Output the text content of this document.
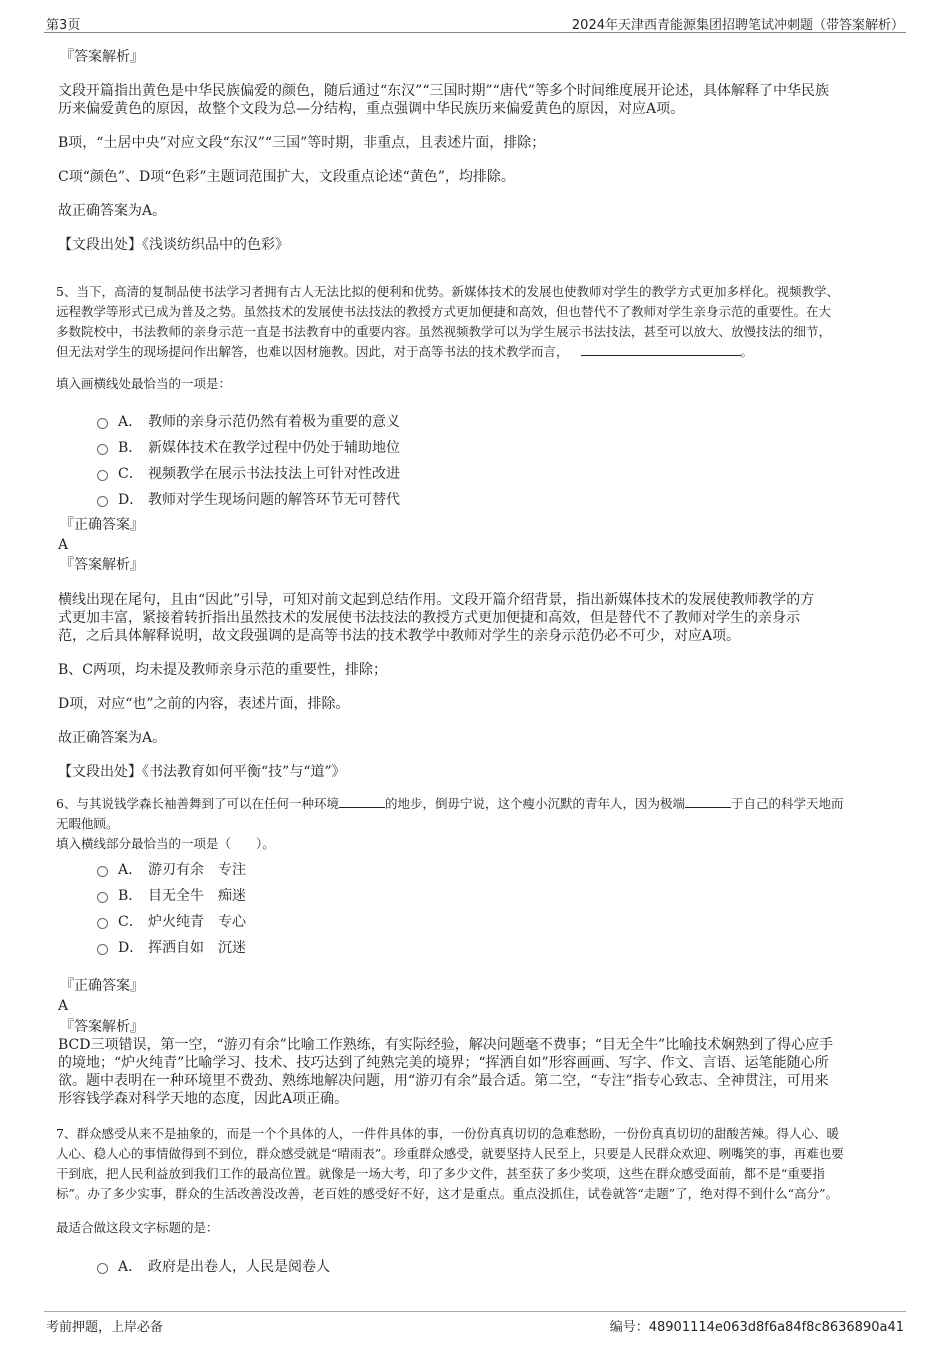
第3页	2024年天津西青能源集团招聘笔试冲刺题（带答案解析）
『答案解析』
文段开篇指出黄色是中华民族偏爱的颜色，随后通过“东汉”“三国时期”“唐代”等多个时间维度展开论述，具体解释了中华民族
历来偏爱黄色的原因，故整个文段为总—分结构，重点强调中华民族历来偏爱黄色的原因，对应A项。
B项，“土居中央”对应文段“东汉”“三国”等时期，非重点，且表述片面，排除；
C项“颜色”、D项“色彩”主题词范围扩大，文段重点论述“黄色”，均排除。
故正确答案为A。
【文段出处】《浅谈纺织品中的色彩》
5、当下，高清的复制品使书法学习者拥有古人无法比拟的便利和优势。新媒体技术的发展也使教师对学生的教学方式更加多样化。视频教学、
远程教学等形式已成为普及之势。虽然技术的发展使书法技法的教授方式更加便捷和高效，但也替代不了教师对学生亲身示范的重要性。在大
多数院校中，书法教师的亲身示范一直是书法教育中的重要内容。虽然视频教学可以为学生展示书法技法，甚至可以放大、放慢技法的细节，
但无法对学生的现场提问作出解答，也难以因材施教。因此，对于高等书法的技术教学而言，	。
填入画横线处最恰当的一项是：
A． 教师的亲身示范仍然有着极为重要的意义
B． 新媒体技术在教学过程中仍处于辅助地位
C． 视频教学在展示书法技法上可针对性改进
D． 教师对学生现场问题的解答环节无可替代
『正确答案』
A
『答案解析』
横线出现在尾句，且由“因此”引导，可知对前文起到总结作用。文段开篇介绍背景，指出新媒体技术的发展使教师教学的方
式更加丰富，紧接着转折指出虽然技术的发展使书法技法的教授方式更加便捷和高效，但是替代不了教师对学生的亲身示
范，之后具体解释说明，故文段强调的是高等书法的技术教学中教师对学生的亲身示范仍必不可少，对应A项。
B、C两项，均未提及教师亲身示范的重要性，排除；
D项，对应“也”之前的内容，表述片面，排除。
故正确答案为A。
【文段出处】《书法教育如何平衡“技”与“道”》
6、与其说钱学森长袖善舞到了可以在任何一种环境	的地步，倒毋宁说，这个瘦小沉默的青年人，因为极端	于自己的科学天地而
无暇他顾。
填入横线部分最恰当的一项是（　　）。
A． 游刃有余　专注
B． 目无全牛　痴迷
C． 炉火纯青　专心
D． 挥洒自如　沉迷
『正确答案』
A
『答案解析』
BCD三项错误，第一空，“游刃有余”比喻工作熟练，有实际经验，解决问题毫不费事；“目无全牛”比喻技术娴熟到了得心应手
的境地；“炉火纯青”比喻学习、技术、技巧达到了纯熟完美的境界；“挥洒自如”形容画画、写字、作文、言语、运笔能随心所
欲。题中表明在一种环境里不费劲、熟练地解决问题，用“游刃有余”最合适。第二空，“专注”指专心致志、全神贯注，可用来
形容钱学森对科学天地的态度，因此A项正确。
7、群众感受从来不是抽象的，而是一个个具体的人，一件件具体的事，一份份真真切切的急难愁盼，一份份真真切切的甜酸苦辣。得人心、暖
人心、稳人心的事情做得到不到位，群众感受就是“晴雨表”。珍重群众感受，就要坚持人民至上，只要是人民群众欢迎、咧嘴笑的事，再难也要
干到底，把人民利益放到我们工作的最高位置。就像是一场大考，印了多少文件，甚至获了多少奖项，这些在群众感受面前，都不是“重要指
标”。办了多少实事，群众的生活改善没改善，老百姓的感受好不好，这才是重点。重点没抓住，试卷就答“走题”了，绝对得不到什么“高分”。
最适合做这段文字标题的是：
A． 政府是出卷人，人民是阅卷人
考前押题，上岸必备	编号：48901114e063d8f6a84f8c8636890a41
